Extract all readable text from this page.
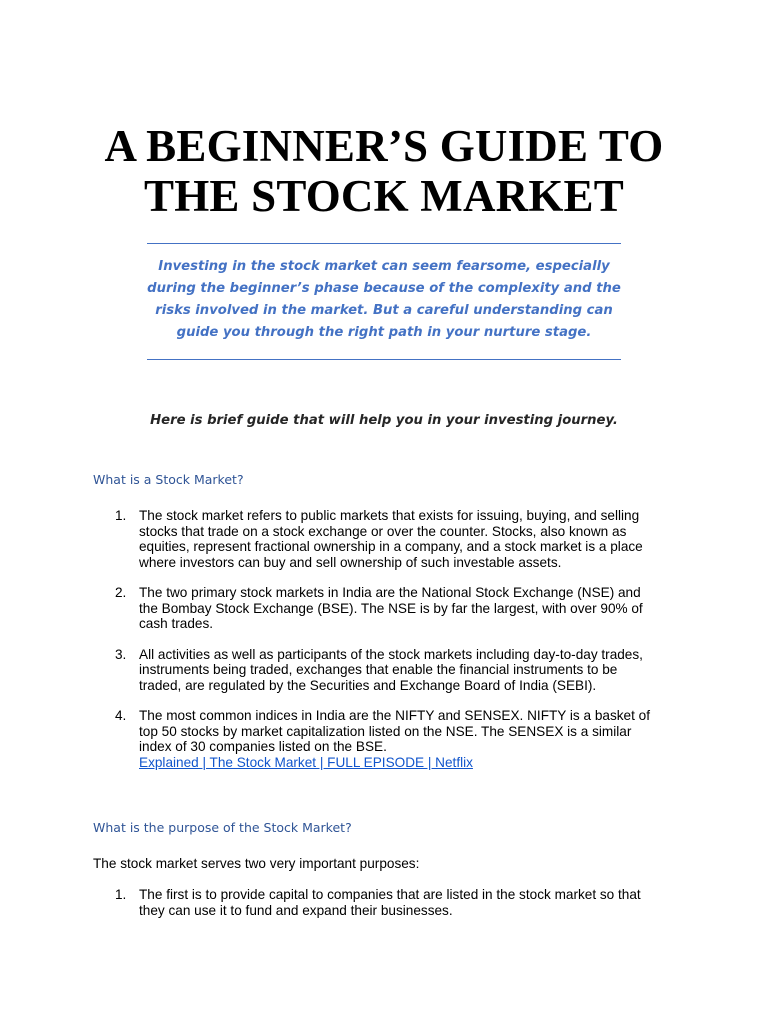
A BEGINNER’S GUIDE TO
THE STOCK MARKET

Investing in the stock market can seem fearsome, especially
during the beginner’s phase because of the complexity and the
risks involved in the market. But a careful understanding can
guide you through the right path in your nurture stage.

Here is brief guide that will help you in your investing journey.

What is a Stock Market?
1. The stock market refers to public markets that exists for issuing, buying, and selling
stocks that trade on a stock exchange or over the counter. Stocks, also known as
equities, represent fractional ownership in a company, and a stock market is a place
where investors can buy and sell ownership of such investable assets.
2. The two primary stock markets in India are the National Stock Exchange (NSE) and
the Bombay Stock Exchange (BSE). The NSE is by far the largest, with over 90% of
cash trades.
3. All activities as well as participants of the stock markets including day-to-day trades,
instruments being traded, exchanges that enable the financial instruments to be
traded, are regulated by the Securities and Exchange Board of India (SEBI).
4. The most common indices in India are the NIFTY and SENSEX. NIFTY is a basket of
top 50 stocks by market capitalization listed on the NSE. The SENSEX is a similar
index of 30 companies listed on the BSE.
Explained | The Stock Market | FULL EPISODE | Netflix
What is the purpose of the Stock Market?

The stock market serves two very important purposes:

1. The first is to provide capital to companies that are listed in the stock market so that
they can use it to fund and expand their businesses.
